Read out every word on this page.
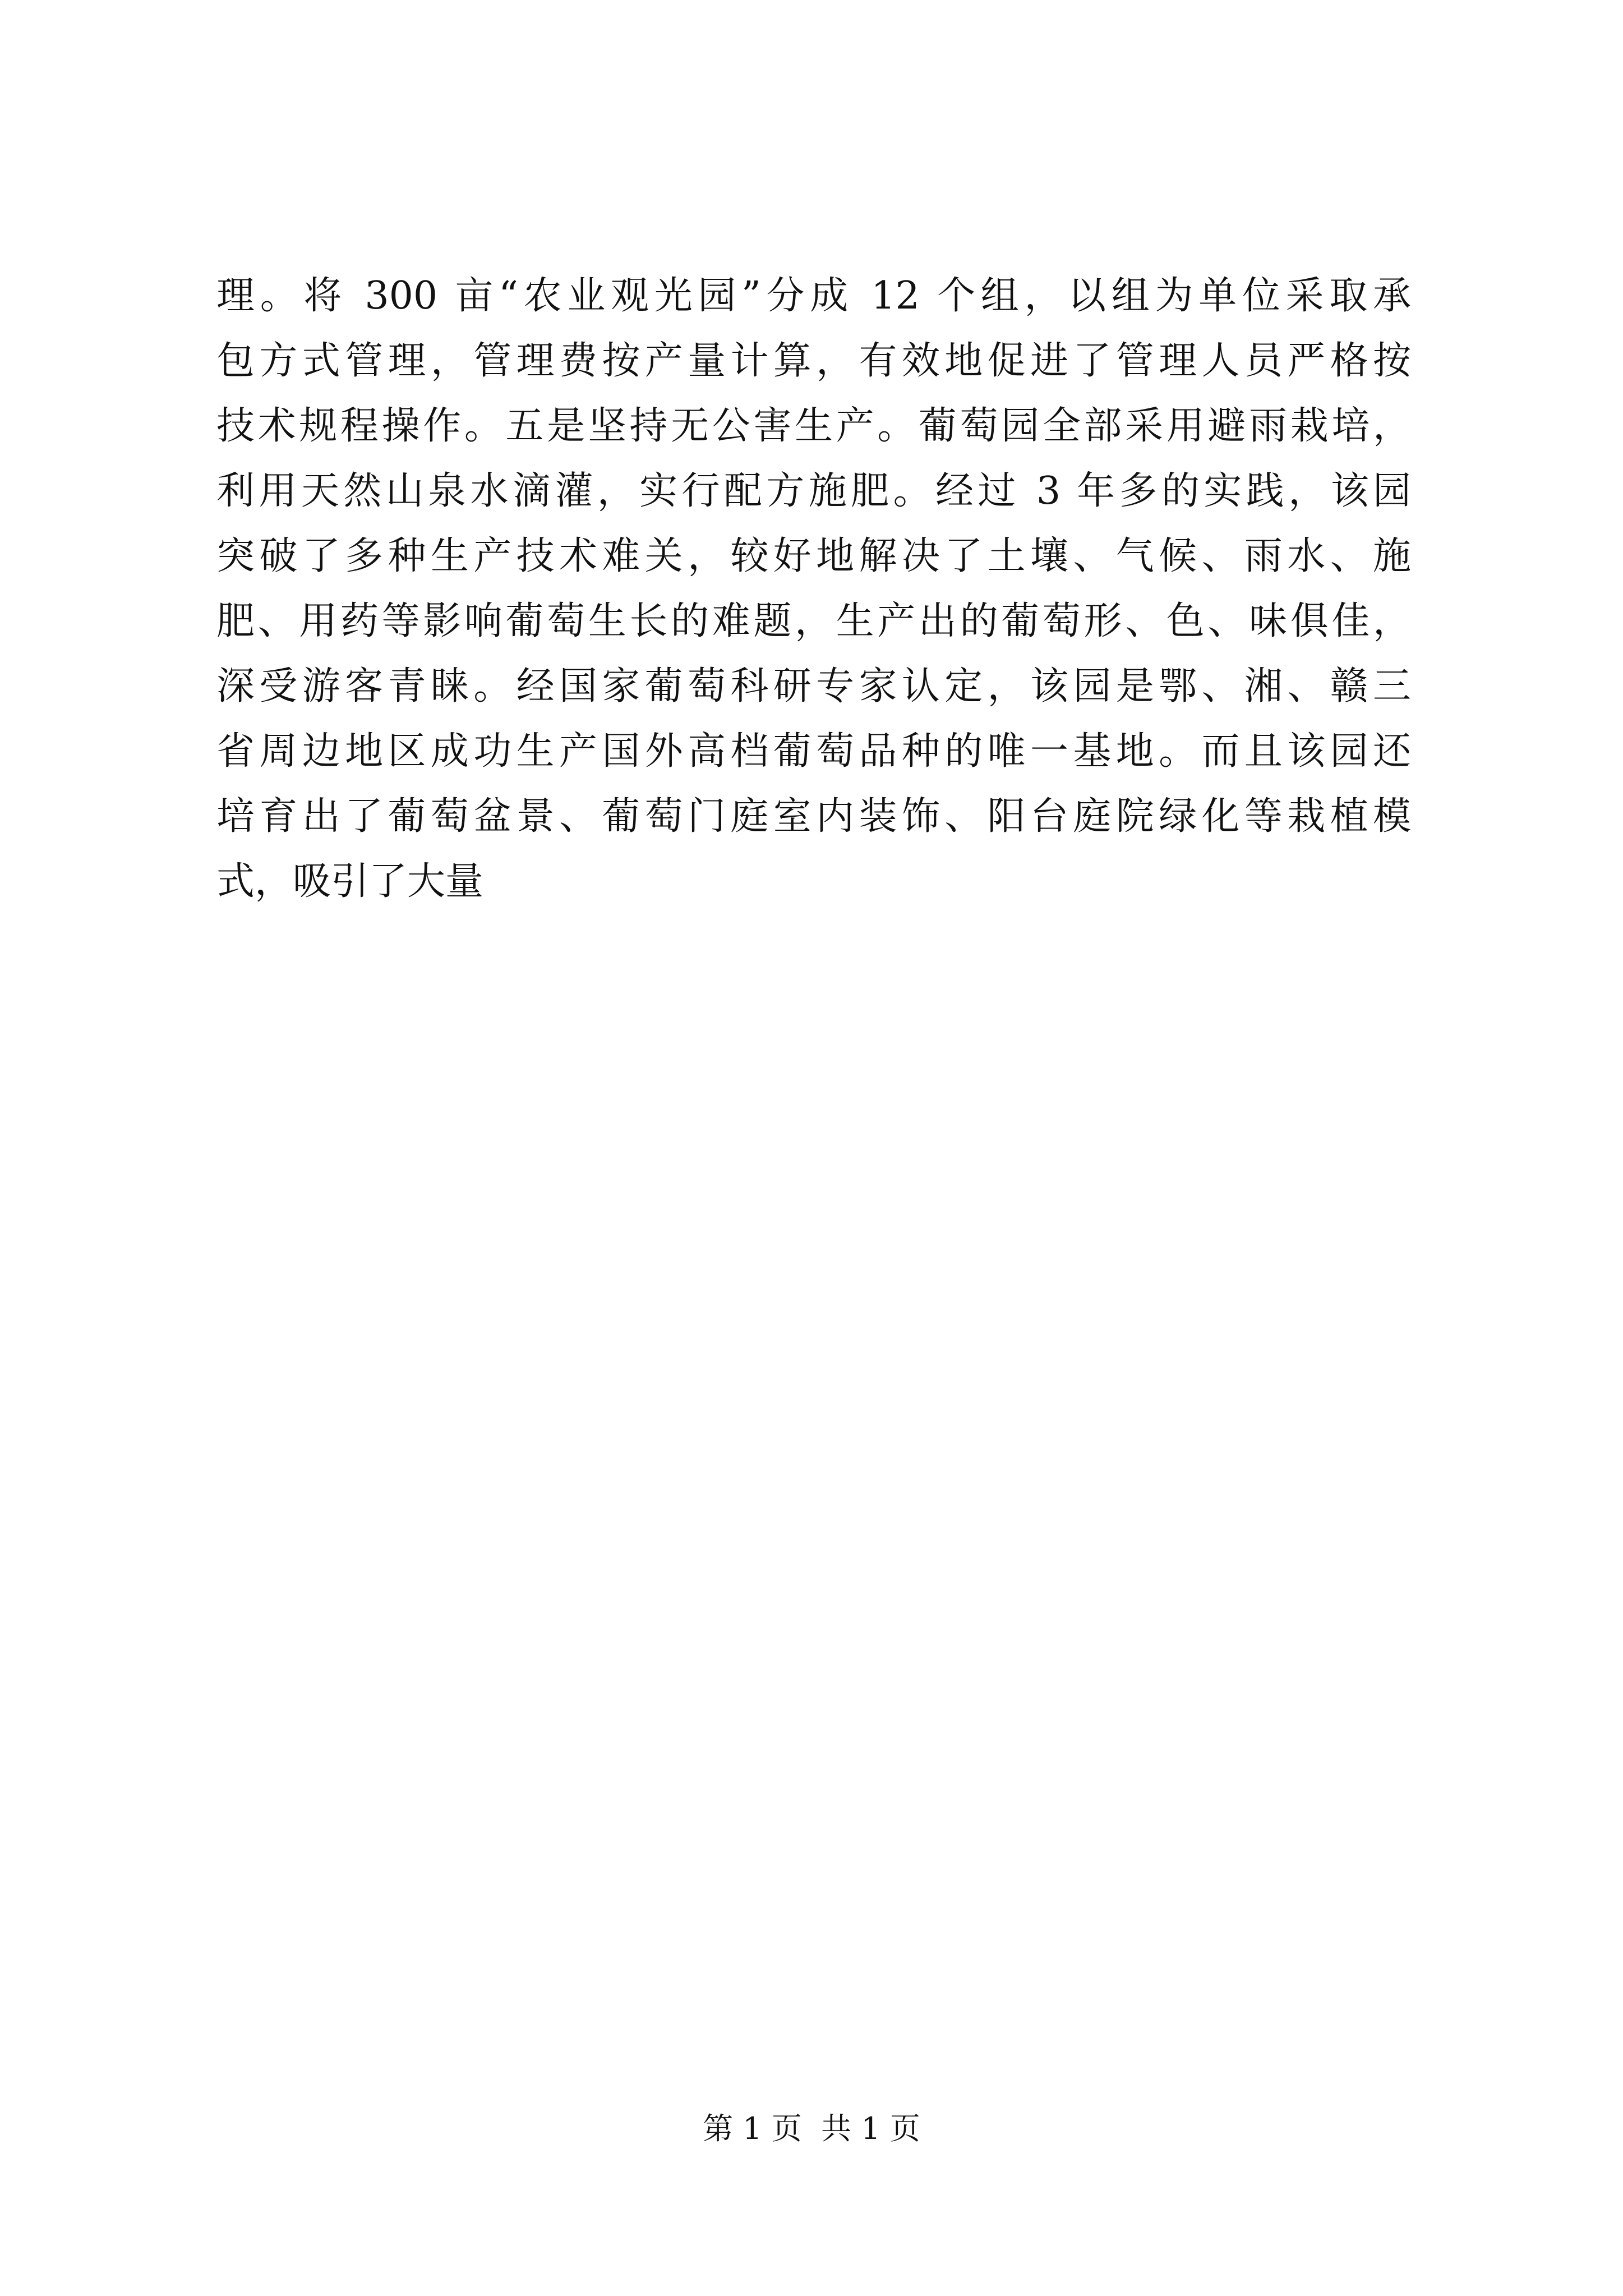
理。将 300 亩“农业观光园”分成 12 个组，以组为单位采取承
包方式管理，管理费按产量计算，有效地促进了管理人员严格按
技术规程操作。五是坚持无公害生产。葡萄园全部采用避雨栽培，
利用天然山泉水滴灌，实行配方施肥。经过 3 年多的实践，该园
突破了多种生产技术难关，较好地解决了土壤、气候、雨水、施
肥、用药等影响葡萄生长的难题，生产出的葡萄形、色、味俱佳，
深受游客青睐。经国家葡萄科研专家认定，该园是鄂、湘、赣三
省周边地区成功生产国外高档葡萄品种的唯一基地。而且该园还
培育出了葡萄盆景、葡萄门庭室内装饰、阳台庭院绿化等栽植模
式，吸引了大量
第 1 页  共 1 页
